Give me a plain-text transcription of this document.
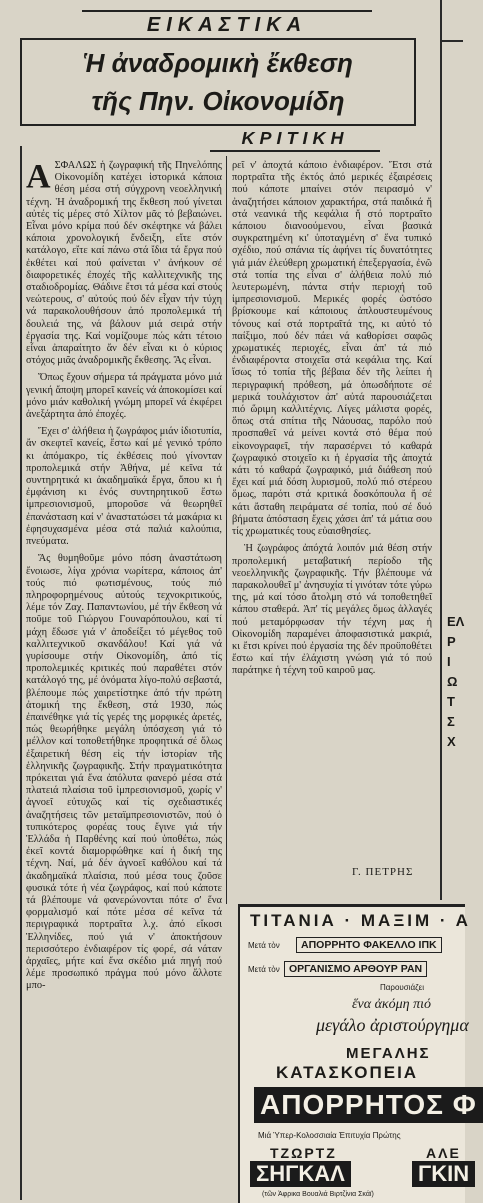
ΕΙΚΑΣΤΙΚΑ
Ἡ ἀναδρομικὴ ἔκθεση
τῆς Πην. Οἰκονομίδη
ΚΡΙΤΙΚΗ

ΑΣΦΑΛΩΣ ἡ ζωγραφική τῆς Πηνελόπης Οἰκονομίδη κατέχει ἱστορικά κάποια θέση μέσα στή σύγχρονη νεοελληνική τέχνη. Ἡ ἀναδρομική της ἔκθεση πού γίνεται αὐτές τίς μέρες στό Χίλτον μᾶς τό βεβαιώνει. Εἶναι μόνο κρίμα πού δέν σκέφτηκε νά βάλει κάποια χρονολογική ἔνδειξη, εἴτε στόν κατάλογο, εἴτε καί πάνω στά ἴδια τά ἔργα πού ἐκθέτει καί πού φαίνεται ν' ἀνήκουν σέ διαφορετικές ἐποχές τῆς καλλιτεχνικῆς της σταδιοδρομίας. Θάδινε ἔτσι τά μέσα καί στούς νεώτερους, σ' αὐτούς πού δέν εἶχαν τήν τύχη νά παρακολουθήσουν ἀπό προπολεμικά τή δουλειά της, νά βάλουν μιά σειρά στήν ἐργασία της. Καί νομίζουμε πώς κάτι τέτοιο εἶναι ἀπαραίτητο ἄν δέν εἶναι κι ὁ κύριος στόχος μιᾶς ἀναδρομικῆς ἔκθεσης. Ἄς εἶναι.

Ὅπως ἔχουν σήμερα τά πράγματα μόνο μιά γενική ἄποψη μπορεῖ κανείς νά ἀποκομίσει καί μόνο μιάν καθολική γνώμη μπορεῖ νά ἐκφέρει ἀνεξάρτητα ἀπό ἐποχές.

Ἔχει σ' ἀλήθεια ἡ ζωγράφος μιάν ἰδιοτυπία, ἄν σκεφτεῖ κανείς, ἔστω καί μέ γενικό τρόπο κι ἀπόμακρο, τίς ἐκθέσεις πού γίνονταν προπολεμικά στήν Ἀθήνα, μέ κεῖνα τά συντηρητικά κι ἀκαδημαϊκά ἔργα, ὅπου κι ἡ ἐμφάνιση κι ἑνός συντηρητικοῦ ἔστω ἰμπρεσιονισμοῦ, μποροῦσε νά θεωρηθεῖ ἐπανάσταση καί ν' ἀναστατώσει τά μακάρια κι ἐφησυχασμένα μέσα στά παλιά καλούπια, πνεύματα.

Ἄς θυμηθοῦμε μόνο πόση ἀναστάτωση ἔνοιωσε, λίγα χρόνια νωρίτερα, κάποιος ἀπ' τούς πιό φωτισμένους, τούς πιό πληροφορημένους αὐτούς τεχνοκριτικούς, λέμε τόν Ζαχ. Παπαντωνίου, μέ τήν ἔκθεση νά ποῦμε τοῦ Γιώργου Γουναρόπουλου, καί τί μάχη ἔδωσε γιά ν' ἀποδείξει τό μέγεθος τοῦ καλλιτεχνικοῦ σκανδάλου! Καί γιά νά γυρίσουμε στήν Οἰκονομίδη, ἀπό τίς προπολεμικές κριτικές πού παραθέτει στόν κατάλογό της, μέ ὀνόματα λίγο-πολύ σεβαστά, βλέπουμε πώς χαιρετίστηκε ἀπό τήν πρώτη ἀτομική της ἔκθεση, στά 1930, πώς ἐπαινέθηκε γιά τίς γερές της μορφικές ἀρετές, πώς θεωρήθηκε μεγάλη ὑπόσχεση γιά τό μέλλον καί τοποθετήθηκε προφητικά σέ ὅλως ἐξαιρετική θέση εἰς τήν ἱστορίαν τῆς ἑλληνικῆς ζωγραφικῆς. Στήν πραγματικότητα πρόκειται γιά ἕνα ἀπόλυτα φανερό μέσα στά πλατειά πλαίσια τοῦ ἰμπρεσιονισμοῦ, χωρίς ν' ἀγνοεῖ εὐτυχῶς καί τίς σχεδιαστικές ἀναζητήσεις τῶν μεταϊμπρεσιονιστῶν, πού ὁ τυπικότερος φορέας τους ἔγινε γιά τήν Ἑλλάδα ἡ Παρθένης καί πού ὑποθέτω, πώς ἐκεῖ κοντά διαμορφώθηκε καί ἡ δική της τέχνη. Ναί, μά δέν ἀγνοεῖ καθόλου καί τά ἀκαδημαϊκά πλαίσια, πού μέσα τους ζοῦσε φυσικά τότε ἡ νέα ζωγράφος, καί πού κάποτε τά βλέπουμε νά φανερώνονται πότε σ' ἕνα φορμαλισμό καί πότε μέσα σέ κεῖνα τά περιγραφικά πορτραῖτα λ.χ. ἀπό εἴκοσι Ἑλληνίδες, πού γιά ν' ἀποκτήσουν περισσότερο ἐνδιαφέρον τίς φορέ, σά νάταν ἀρχαῖες, μήτε καί ἔνα σκέδιο μιά πηγή πού λέμε προσωπικό πράγμα πού μόνο ἄλλοτε μπο-

ρεῖ ν' ἀποχτά κάποιο ἐνδιαφέρον. Ἔτσι στά πορτραῖτα τῆς ἐκτός ἀπό μερικές ἐξαιρέσεις πού κάποτε μπαίνει στόν πειρασμό ν' ἀναζητήσει κάποιον χαρακτήρα, στά παιδικά ἤ στά νεανικά τῆς κεφάλια ἤ στό πορτραῖτο κάποιου διανοούμενου, εἶναι βασικά συγκρατημένη κι' ὑποταγμένη σ' ἕνα τυπικό σχέδιο, πού σπάνια τίς ἀφήνει τίς δυνατότητες γιά μιάν ἐλεύθερη χρωματική ἐπεξεργασία, ἐνῶ στά τοπία της εἶναι σ' ἀλήθεια πολύ πιό λευτερωμένη, πάντα στήν περιοχή τοῦ ἰμπρεσιονισμοῦ. Μερικές φορές ὡστόσο βρίσκουμε καί κάποιους ἀπλουστευμένους τόνους καί στά πορτραῖτά της, κι αὐτό τό παίξιμο, πού δέν πάει νά καθορίσει σαφῶς χρωματικές περιοχές, εἶναι ἀπ' τά πιό ἐνδιαφέροντα στοιχεῖα στά κεφάλια της. Καί ἴσως τό τοπία τῆς βέβαια δέν τῆς λείπει ἡ περιγραφική πρόθεση, μά ὁπωσδήποτε σέ μερικά τουλάχιστον ἀπ' αὐτά παρουσιάζεται πιό ὥριμη καλλιτέχνις. Λίγες μάλιστα φορές, ὅπως στά σπίτια τῆς Νάουσας, παρόλο πού προσπαθεῖ νά μείνει κοντά στό θέμα πού εἰκονογραφεῖ, τήν παρασέρνει τό καθαρά ζωγραφικό στοιχεῖο κι ἡ ἐργασία τῆς ἀποχτά κάτι τό καθαρά ζωγραφικό, μιά διάθεση πού ἔχει καί μιά δόση λυρισμοῦ, πολύ πιό στέρεου ὅμως, παρότι στά κριτικά δοσκόπουλα ἤ σέ κάτι ἄσταθη πειράματα σέ τοπία, πού σέ δυό βήματα ἀπόσταση ἔχεις χάσει ἀπ' τά μάτια σου τίς χρωματικές τους εὐαισθησίες.

Ἡ ζωγράφος ἀπόχτά λοιπόν μιά θέση στήν προπολεμική μεταβατική περίοδο τῆς νεοελληνικῆς ζωγραφικῆς. Τήν βλέπουμε νά παρακολουθεῖ μ' ἀνησυχία τί γινόταν τότε γύρω της, μά καί τόσο ἄτολμη στό νά τοποθετηθεῖ κάπου σταθερά. Ἀπ' τίς μεγάλες ὅμως ἀλλαγές πού μεταμόρφωσαν τήν τέχνη μας ἡ Οἰκονομίδη παραμένει ἀποφασιστικά μακριά, κι ἔτσι κρίνει πού ἐργασία της δέν προϋποθέτει ἔστω καί τήν ἐλάχιστη γνώση γιά τό πού παράτηκε ἡ τέχνη τοῦ καιροῦ μας.

Γ. ΠΕΤΡΗΣ
ΕΛ
Ρ
Ι
Ω
Τ
Σ
Χ
ΤΙΤΑΝΙΑ · ΜΑΞΙΜ · Α
Μετά τὸν	ΑΠΟΡΡΗΤΟ ΦΑΚΕΛΛΟ ΙΠΚ
Μετά τὸν ΟΡΓΑΝΙΣΜΟ ΑΡΘΟΥΡ ΡΑΝ
Παρουσιάζει
ἕνα ἀκόμη πιό
μεγάλο ἀριστούργημα
ΜΕΓΑΛΗΣ
ΚΑΤΑΣΚΟΠΕΙΑ
ΑΠΟΡΡΗΤΟΣ Φ
Μιά Ὑπερ-Κολοσσιαία Ἐπιτυχία Πρώτης
ΤΖΩΡΤΖ
ΣΗΓΚΑΛ
ΑΛΕ
ΓΚΙΝ
(τῶν Ἀφρικα Βουαλιά Βιρτζίνια Σκάϊ)
